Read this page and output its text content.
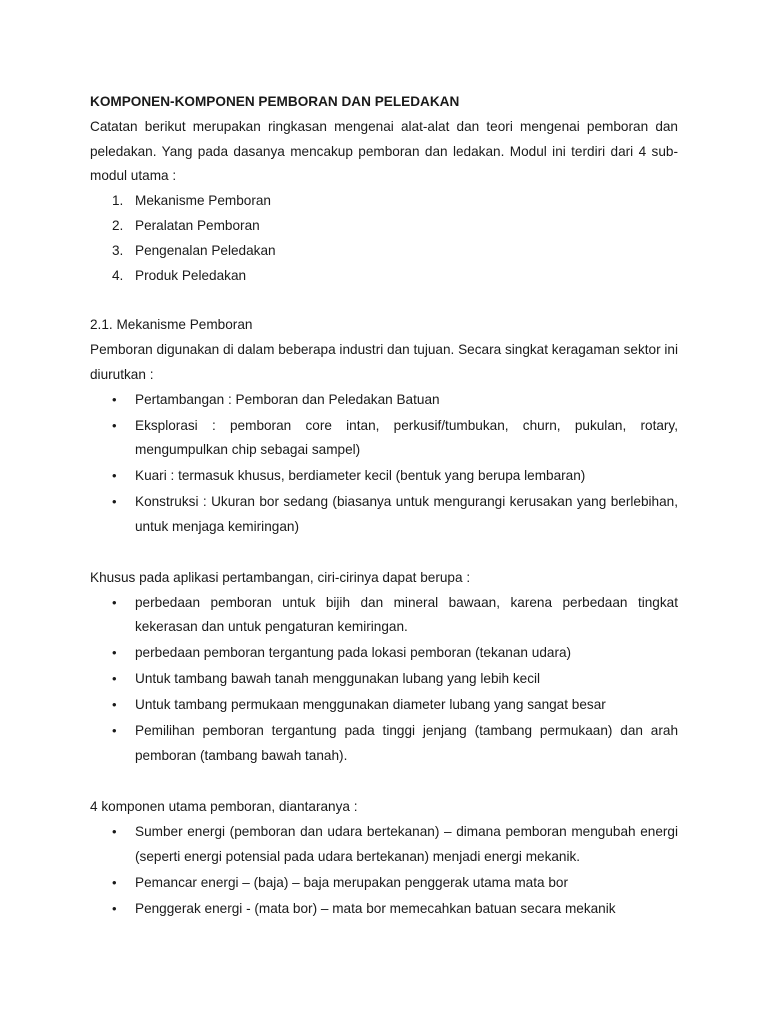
KOMPONEN-KOMPONEN PEMBORAN DAN PELEDAKAN

Catatan berikut merupakan ringkasan mengenai alat-alat dan teori mengenai pemboran dan peledakan. Yang pada dasanya mencakup pemboran dan ledakan. Modul ini terdiri dari 4 sub-modul utama :

1. Mekanisme Pemboran
2. Peralatan Pemboran
3. Pengenalan Peledakan
4. Produk Peledakan

2.1. Mekanisme Pemboran

Pemboran digunakan di dalam beberapa industri dan tujuan. Secara singkat keragaman sektor ini diurutkan :

• Pertambangan : Pemboran dan Peledakan Batuan
• Eksplorasi : pemboran core intan, perkusif/tumbukan, churn, pukulan, rotary, mengumpulkan chip sebagai sampel)
• Kuari : termasuk khusus, berdiameter kecil (bentuk yang berupa lembaran)
• Konstruksi : Ukuran bor sedang (biasanya untuk mengurangi kerusakan yang berlebihan, untuk menjaga kemiringan)

Khusus pada aplikasi pertambangan, ciri-cirinya dapat berupa :

• perbedaan pemboran untuk bijih dan mineral bawaan, karena perbedaan tingkat kekerasan dan untuk pengaturan kemiringan.
• perbedaan pemboran tergantung pada lokasi pemboran (tekanan udara)
• Untuk tambang bawah tanah menggunakan lubang yang lebih kecil
• Untuk tambang permukaan menggunakan diameter lubang yang sangat besar
• Pemilihan pemboran tergantung pada tinggi jenjang (tambang permukaan) dan arah pemboran (tambang bawah tanah).

4 komponen utama pemboran, diantaranya :

• Sumber energi (pemboran dan udara bertekanan) – dimana pemboran mengubah energi (seperti energi potensial pada udara bertekanan) menjadi energi mekanik.
• Pemancar energi – (baja) – baja merupakan penggerak utama mata bor
• Penggerak energi - (mata bor) – mata bor memecahkan batuan secara mekanik
